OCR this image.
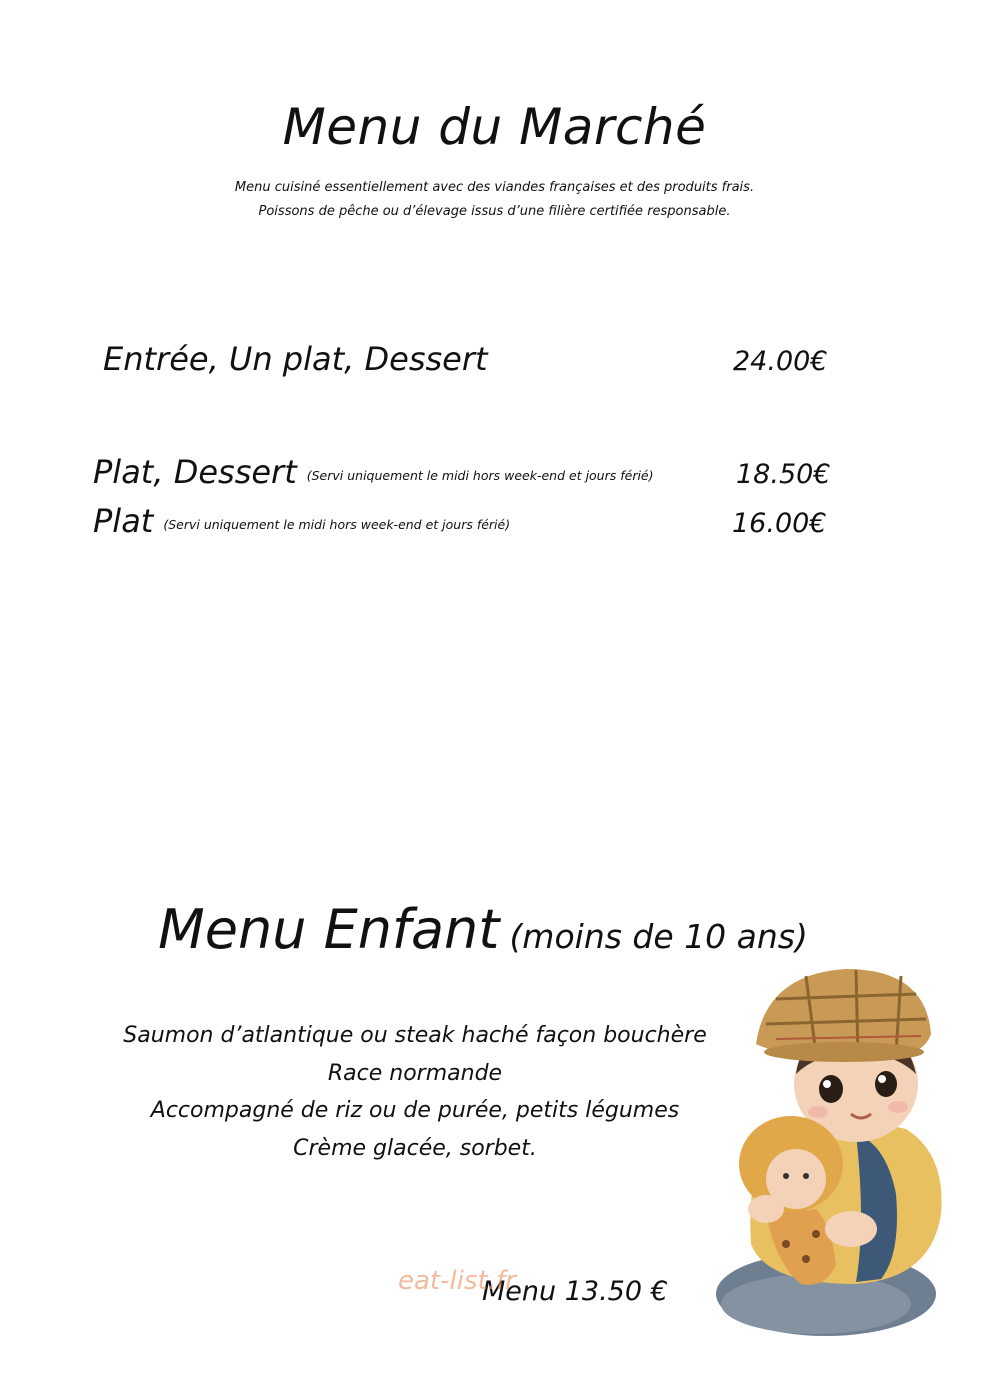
Menu du Marché
Menu cuisiné essentiellement avec des viandes françaises et des produits frais.
Poissons de pêche ou d’élevage issus d’une filière certifiée responsable.
Entrée, Un plat, Dessert	24.00€
Plat, Dessert (Servi uniquement le midi hors week-end et jours férié)	18.50€
Plat (Servi uniquement le midi hors week-end et jours férié)	16.00€
Menu Enfant (moins de 10 ans)
Saumon d’atlantique ou steak haché façon bouchère
Race normande
Accompagné de riz ou de purée, petits légumes
Crème glacée, sorbet.
Menu 13.50 €
eat-list.fr
